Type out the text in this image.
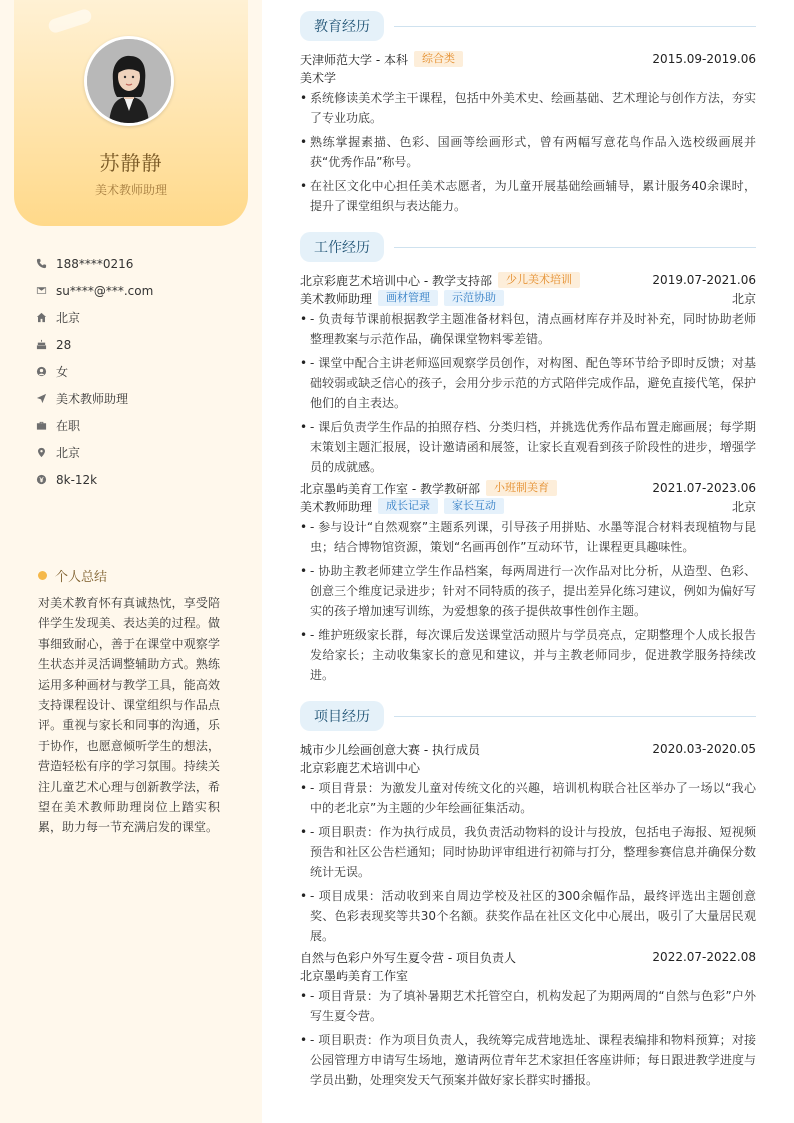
苏静静
美术教师助理
188****0216
su****@***.com
北京
28
女
美术教师助理
在职
北京
8k-12k
个人总结
对美术教育怀有真诚热忱，享受陪伴学生发现美、表达美的过程。做事细致耐心，善于在课堂中观察学生状态并灵活调整辅助方式。熟练运用多种画材与教学工具，能高效支持课程设计、课堂组织与作品点评。重视与家长和同事的沟通，乐于协作，也愿意倾听学生的想法，营造轻松有序的学习氛围。持续关注儿童艺术心理与创新教学法，希望在美术教师助理岗位上踏实积累，助力每一节充满启发的课堂。
教育经历
天津师范大学 - 本科	综合类	2015.09-2019.06
美术学
• 系统修读美术学主干课程，包括中外美术史、绘画基础、艺术理论与创作方法，夯实了专业功底。
• 熟练掌握素描、色彩、国画等绘画形式，曾有两幅写意花鸟作品入选校级画展并获“优秀作品”称号。
• 在社区文化中心担任美术志愿者，为儿童开展基础绘画辅导，累计服务40余课时，提升了课堂组织与表达能力。
工作经历
北京彩鹿艺术培训中心 - 教学支持部	少儿美术培训	2019.07-2021.06
美术教师助理	画材管理	示范协助	北京
• - 负责每节课前根据教学主题准备材料包，清点画材库存并及时补充，同时协助老师整理教案与示范作品，确保课堂物料零差错。
• - 课堂中配合主讲老师巡回观察学员创作，对构图、配色等环节给予即时反馈；对基础较弱或缺乏信心的孩子，会用分步示范的方式陪伴完成作品，避免直接代笔，保护他们的自主表达。
• - 课后负责学生作品的拍照存档、分类归档，并挑选优秀作品布置走廊画展；每学期末策划主题汇报展，设计邀请函和展签，让家长直观看到孩子阶段性的进步，增强学员的成就感。
北京墨屿美育工作室 - 教学教研部	小班制美育	2021.07-2023.06
美术教师助理	成长记录	家长互动	北京
• - 参与设计“自然观察”主题系列课，引导孩子用拼贴、水墨等混合材料表现植物与昆虫；结合博物馆资源，策划“名画再创作”互动环节，让课程更具趣味性。
• - 协助主教老师建立学生作品档案，每两周进行一次作品对比分析，从造型、色彩、创意三个维度记录进步；针对不同特质的孩子，提出差异化练习建议，例如为偏好写实的孩子增加速写训练，为爱想象的孩子提供故事性创作主题。
• - 维护班级家长群，每次课后发送课堂活动照片与学员亮点，定期整理个人成长报告发给家长；主动收集家长的意见和建议，并与主教老师同步，促进教学服务持续改进。
项目经历
城市少儿绘画创意大赛 - 执行成员	2020.03-2020.05
北京彩鹿艺术培训中心
• - 项目背景：为激发儿童对传统文化的兴趣，培训机构联合社区举办了一场以“我心中的老北京”为主题的少年绘画征集活动。
• - 项目职责：作为执行成员，我负责活动物料的设计与投放，包括电子海报、短视频预告和社区公告栏通知；同时协助评审组进行初筛与打分，整理参赛信息并确保分数统计无误。
• - 项目成果：活动收到来自周边学校及社区的300余幅作品，最终评选出主题创意奖、色彩表现奖等共30个名额。获奖作品在社区文化中心展出，吸引了大量居民观展。
自然与色彩户外写生夏令营 - 项目负责人	2022.07-2022.08
北京墨屿美育工作室
• - 项目背景：为了填补暑期艺术托管空白，机构发起了为期两周的“自然与色彩”户外写生夏令营。
• - 项目职责：作为项目负责人，我统筹完成营地选址、课程表编排和物料预算；对接公园管理方申请写生场地，邀请两位青年艺术家担任客座讲师；每日跟进教学进度与学员出勤，处理突发天气预案并做好家长群实时播报。
